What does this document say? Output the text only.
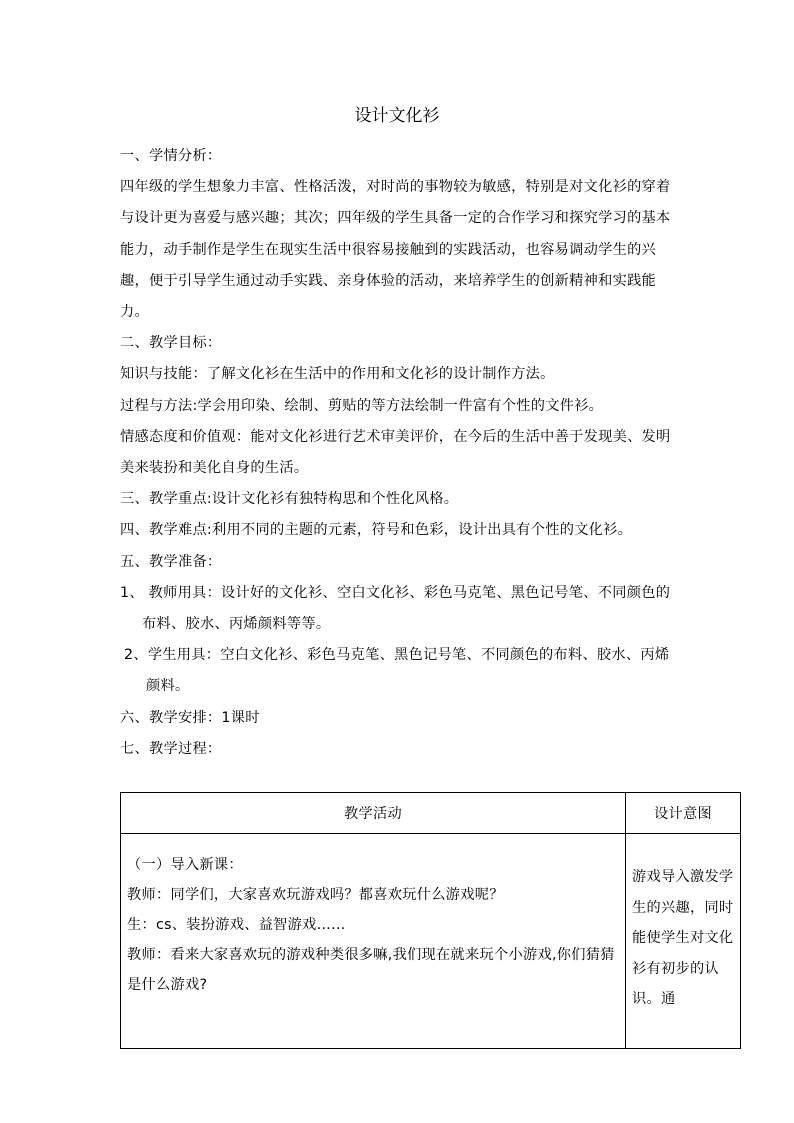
设计文化衫

一、学情分析：

四年级的学生想象力丰富、性格活泼，对时尚的事物较为敏感，特别是对文化衫的穿着与设计更为喜爱与感兴趣；其次；四年级的学生具备一定的合作学习和探究学习的基本能力，动手制作是学生在现实生活中很容易接触到的实践活动，也容易调动学生的兴趣，便于引导学生通过动手实践、亲身体验的活动，来培养学生的创新精神和实践能力。

二、教学目标：

知识与技能：了解文化衫在生活中的作用和文化衫的设计制作方法。

过程与方法:学会用印染、绘制、剪贴的等方法绘制一件富有个性的文件衫。

情感态度和价值观：能对文化衫进行艺术审美评价，在今后的生活中善于发现美、发明美来装扮和美化自身的生活。

三、教学重点:设计文化衫有独特构思和个性化风格。

四、教学难点:利用不同的主题的元素，符号和色彩，设计出具有个性的文化衫。

五、教学准备：

1、 教师用具：设计好的文化衫、空白文化衫、彩色马克笔、黑色记号笔、不同颜色的布料、胶水、丙烯颜料等等。

2、学生用具：空白文化衫、彩色马克笔、黑色记号笔、不同颜色的布料、胶水、丙烯颜料。

六、教学安排：1课时

七、教学过程：

教学活动	设计意图

（一）导入新课：

教师：同学们，大家喜欢玩游戏吗？都喜欢玩什么游戏呢？

生：cs、装扮游戏、益智游戏……

教师：看来大家喜欢玩的游戏种类很多嘛,我们现在就来玩个小游戏,你们猜猜是什么游戏?	游戏导入激发学生的兴趣，同时能使学生对文化衫有初步的认识。通
